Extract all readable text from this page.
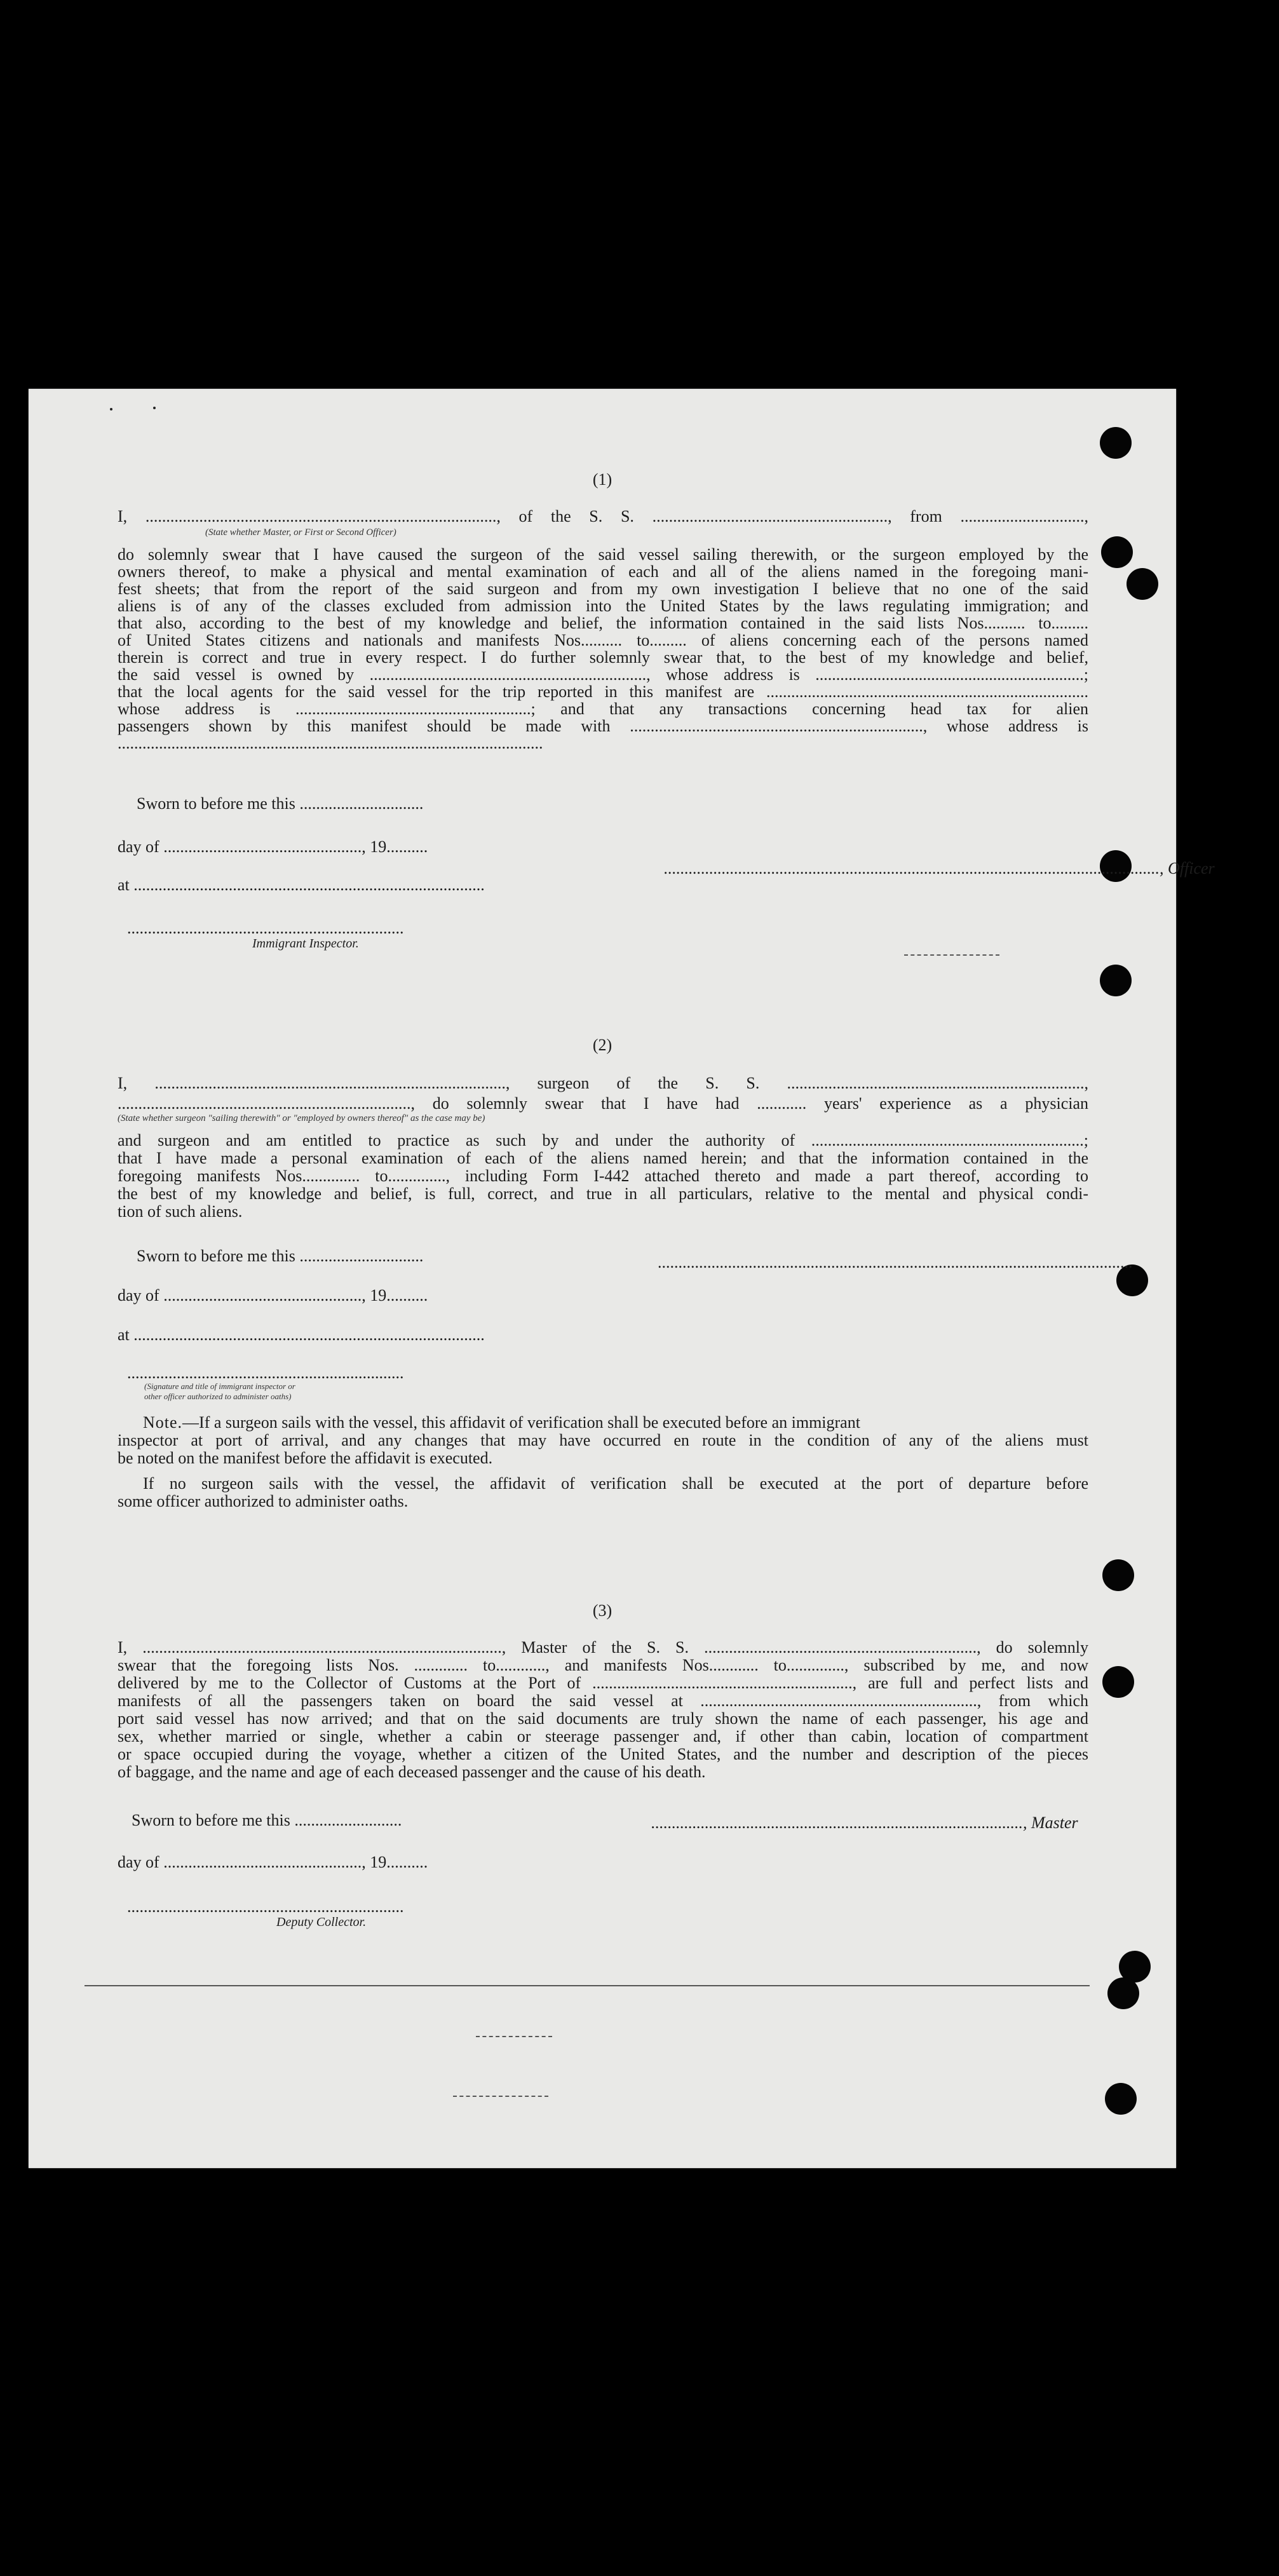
(1)
I, ....................................................................................., of the S. S. ........................................................., from ..............................,
(State whether Master, or First or Second Officer)
do solemnly swear that I have caused the surgeon of the said vessel sailing therewith, or the surgeon employed by the
owners thereof, to make a physical and mental examination of each and all of the aliens named in the foregoing mani-
fest sheets; that from the report of the said surgeon and from my own investigation I believe that no one of the said
aliens is of any of the classes excluded from admission into the United States by the laws regulating immigration; and
that also, according to the best of my knowledge and belief, the information contained in the said lists Nos.......... to.........
of United States citizens and nationals and manifests Nos.......... to......... of aliens concerning each of the persons named
therein is correct and true in every respect. I do further solemnly swear that, to the best of my knowledge and belief,
the said vessel is owned by ..................................................................., whose address is .................................................................;
that the local agents for the said vessel for the trip reported in this manifest are ..............................................................................
whose address is .........................................................; and that any transactions concerning head tax for alien
passengers shown by this manifest should be made with ......................................................................., whose address is
.......................................................................................................
Sworn to before me this ..............................
day of ................................................, 19..........
........................................................................................................................, Officer
at .....................................................................................
...................................................................
Immigrant Inspector.
(2)
I, ....................................................................................., surgeon of the S. S. ........................................................................,
......................................................................., do solemnly swear that I have had ............ years' experience as a physician
(State whether surgeon "sailing therewith" or "employed by owners thereof" as the case may be)
and surgeon and am entitled to practice as such by and under the authority of ..................................................................;
that I have made a personal examination of each of the aliens named herein; and that the information contained in the
foregoing manifests Nos.............. to.............., including Form I-442 attached thereto and made a part thereof, according to
the best of my knowledge and belief, is full, correct, and true in all particulars, relative to the mental and physical condi-
tion of such aliens.
Sworn to before me this ..............................	...................................................................................................................
day of ................................................, 19..........
at .....................................................................................
...................................................................
(Signature and title of immigrant inspector or
other officer authorized to administer oaths)
Note.—If a surgeon sails with the vessel, this affidavit of verification shall be executed before an immigrant
inspector at port of arrival, and any changes that may have occurred en route in the condition of any of the aliens must
be noted on the manifest before the affidavit is executed.
If no surgeon sails with the vessel, the affidavit of verification shall be executed at the port of departure before
some officer authorized to administer oaths.
(3)
I, ......................................................................................., Master of the S. S. .................................................................., do solemnly
swear that the foregoing lists Nos. ............. to............, and manifests Nos............ to.............., subscribed by me, and now
delivered by me to the Collector of Customs at the Port of ..............................................................., are full and perfect lists and
manifests of all the passengers taken on board the said vessel at ..................................................................., from which
port said vessel has now arrived; and that on the said documents are truly shown the name of each passenger, his age and
sex, whether married or single, whether a cabin or steerage passenger and, if other than cabin, location of compartment
or space occupied during the voyage, whether a citizen of the United States, and the number and description of the pieces
of baggage, and the name and age of each deceased passenger and the cause of his death.
Sworn to before me this ..........................	.........................................................................................., Master
day of ................................................, 19..........
...................................................................
Deputy Collector.
